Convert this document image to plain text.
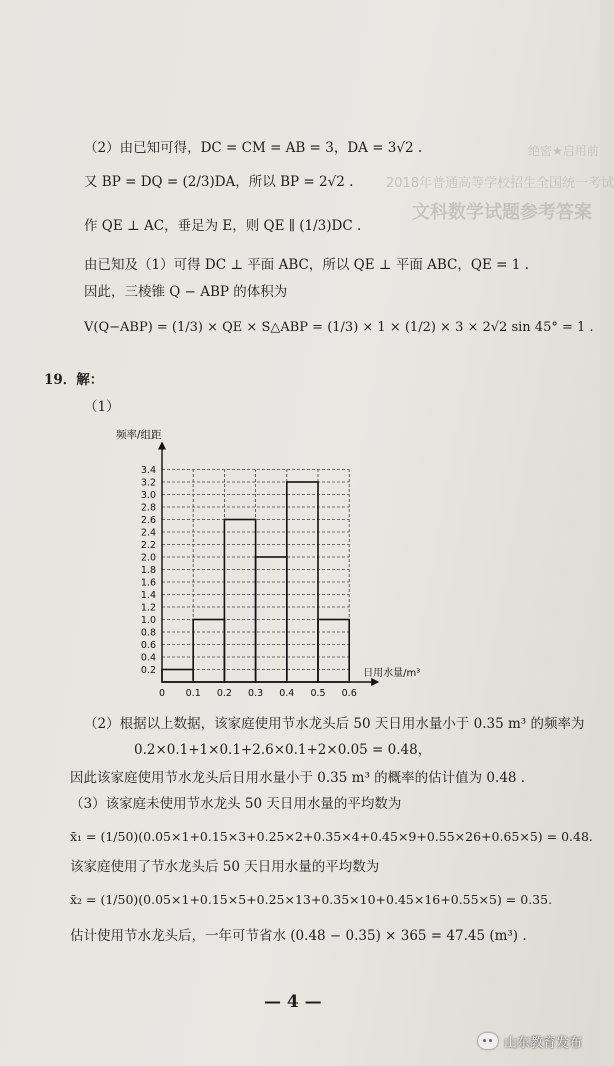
绝密★启用前
2018年普通高等学校招生全国统一考试
文科数学试题参考答案
（2）由已知可得，DC = CM = AB = 3，DA = 3√2 .
又 BP = DQ = (2/3)DA，所以 BP = 2√2 .
作 QE ⊥ AC，垂足为 E，则 QE ∥ (1/3)DC .
由已知及（1）可得 DC ⊥ 平面 ABC，所以 QE ⊥ 平面 ABC，QE = 1 .
因此，三棱锥 Q − ABP 的体积为
V(Q−ABP) = (1/3) × QE × S△ABP = (1/3) × 1 × (1/2) × 3 × 2√2 sin 45° = 1 .
19．解：
（1）
0.2
0.4
0.6
0.8
1.0
1.2
1.4
1.6
1.8
2.0
2.2
2.4
2.6
2.8
3.0
3.2
3.4
0 0.1 0.2 0.3 0.4 0.5 0.6
频率/组距
日用水量/m³
（2）根据以上数据，该家庭使用节水龙头后 50 天日用水量小于 0.35 m³ 的频率为
0.2×0.1+1×0.1+2.6×0.1+2×0.05 = 0.48，
因此该家庭使用节水龙头后日用水量小于 0.35 m³ 的概率的估计值为 0.48 .
（3）该家庭未使用节水龙头 50 天日用水量的平均数为
x̄₁ = (1/50)(0.05×1+0.15×3+0.25×2+0.35×4+0.45×9+0.55×26+0.65×5) = 0.48.
该家庭使用了节水龙头后 50 天日用水量的平均数为
x̄₂ = (1/50)(0.05×1+0.15×5+0.25×13+0.35×10+0.45×16+0.55×5) = 0.35.
估计使用节水龙头后，一年可节省水 (0.48 − 0.35) × 365 = 47.45 (m³) .
— 4 —
山东教育发布
